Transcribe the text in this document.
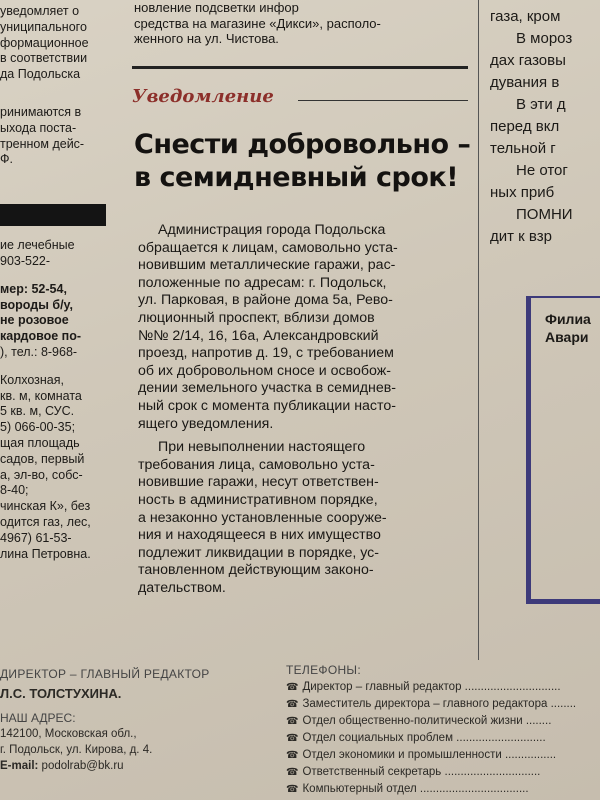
уведомляет о

униципального

формационное

в соответствии

да Подольска

ринимаются в

ыхода поста-

тренном дейс-

Ф.

ие лечебные

903-522-

мер: 52-54,

вороды б/у,

не розовое

кардовое по-

), тел.: 8-968-

Колхозная,

кв. м, комната

5 кв. м, СУС.

5) 066-00-35;

щая площадь

садов, первый

а, эл-во, собс-

8-40;

чинская К», без

одится газ, лес,

4967) 61-53-

лина Петровна.

новление подсветки инфор

средства на магазине «Дикси», располо-

женного на ул. Чистова.

Уведомление

Снести добровольно –

в семидневный срок!

Администрация города Подольска

обращается к лицам, самовольно уста-

новившим металлические гаражи, рас-

положенные по адресам: г. Подольск,

ул. Парковая, в районе дома 5а, Рево-

люционный проспект, вблизи домов

№№ 2/14, 16, 16а, Александровский

проезд, напротив д. 19, с требованием

об их добровольном сносе и освобож-

дении земельного участка в семиднев-

ный срок с момента публикации насто-

ящего уведомления.

При невыполнении настоящего

требования лица, самовольно уста-

новившие гаражи, несут ответствен-

ность в административном порядке,

а незаконно установленные сооруже-

ния и находящееся в них имущество

подлежит ликвидации в порядке, ус-

тановленном действующим законо-

дательством.

газа, кром

В мороз

дах газовы

дувания в

В эти д

перед вкл

тельной г

Не отог

ных приб

ПОМНИ

дит к взр

Филиа

Авари

ДИРЕКТОР – ГЛАВНЫЙ РЕДАКТОР

Л.С. ТОЛСТУХИНА.

НАШ АДРЕС:

142100, Московская обл.,

г. Подольск, ул. Кирова, д. 4.

E-mail: podolrab@bk.ru

ТЕЛЕФОНЫ:

☎ Директор – главный редактор ..............................

☎ Заместитель директора – главного редактора ........

☎ Отдел общественно-политической жизни ........

☎ Отдел социальных проблем ............................

☎ Отдел экономики и промышленности ................

☎ Ответственный секретарь ..............................

☎ Компьютерный отдел ..................................
